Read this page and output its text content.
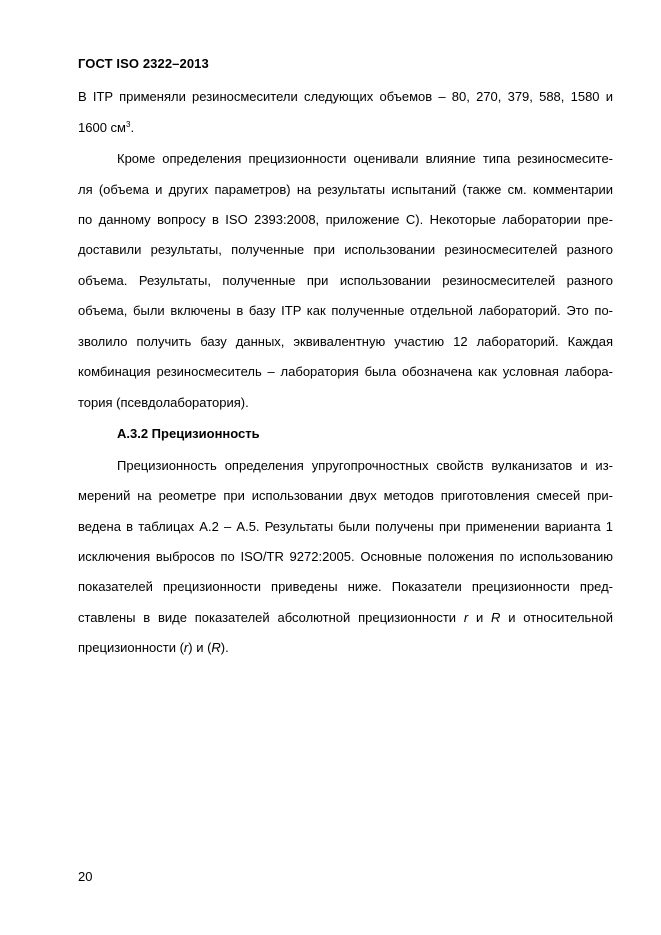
ГОСТ ISO 2322–2013
В ITP применяли резиносмесители следующих объемов – 80, 270, 379, 588, 1580 и
1600 $см^3$.
Кроме определения прецизионности оценивали влияние типа резиносмесите-
ля (объема и других параметров) на результаты испытаний (также см. комментарии
по данному вопросу в ISO 2393:2008, приложение С). Некоторые лаборатории пре-
доставили результаты, полученные при использовании резиносмесителей разного
объема. Результаты, полученные при использовании резиносмесителей разного
объема, были включены в базу ITP как полученные отдельной лабораторий. Это по-
зволило получить базу данных, эквивалентную участию 12 лабораторий. Каждая
комбинация резиносмеситель – лаборатория была обозначена как условная лабора-
тория (псевдолаборатория).
А.3.2 Прецизионность
Прецизионность определения упругопрочностных свойств вулканизатов и из-
мерений на реометре при использовании двух методов приготовления смесей при-
ведена в таблицах А.2 – А.5. Результаты были получены при применении варианта 1
исключения выбросов по ISO/TR 9272:2005. Основные положения по использованию
показателей прецизионности приведены ниже. Показатели прецизионности пред-
ставлены в виде показателей абсолютной прецизионности r и R и относительной
прецизионности (r) и (R).
20
